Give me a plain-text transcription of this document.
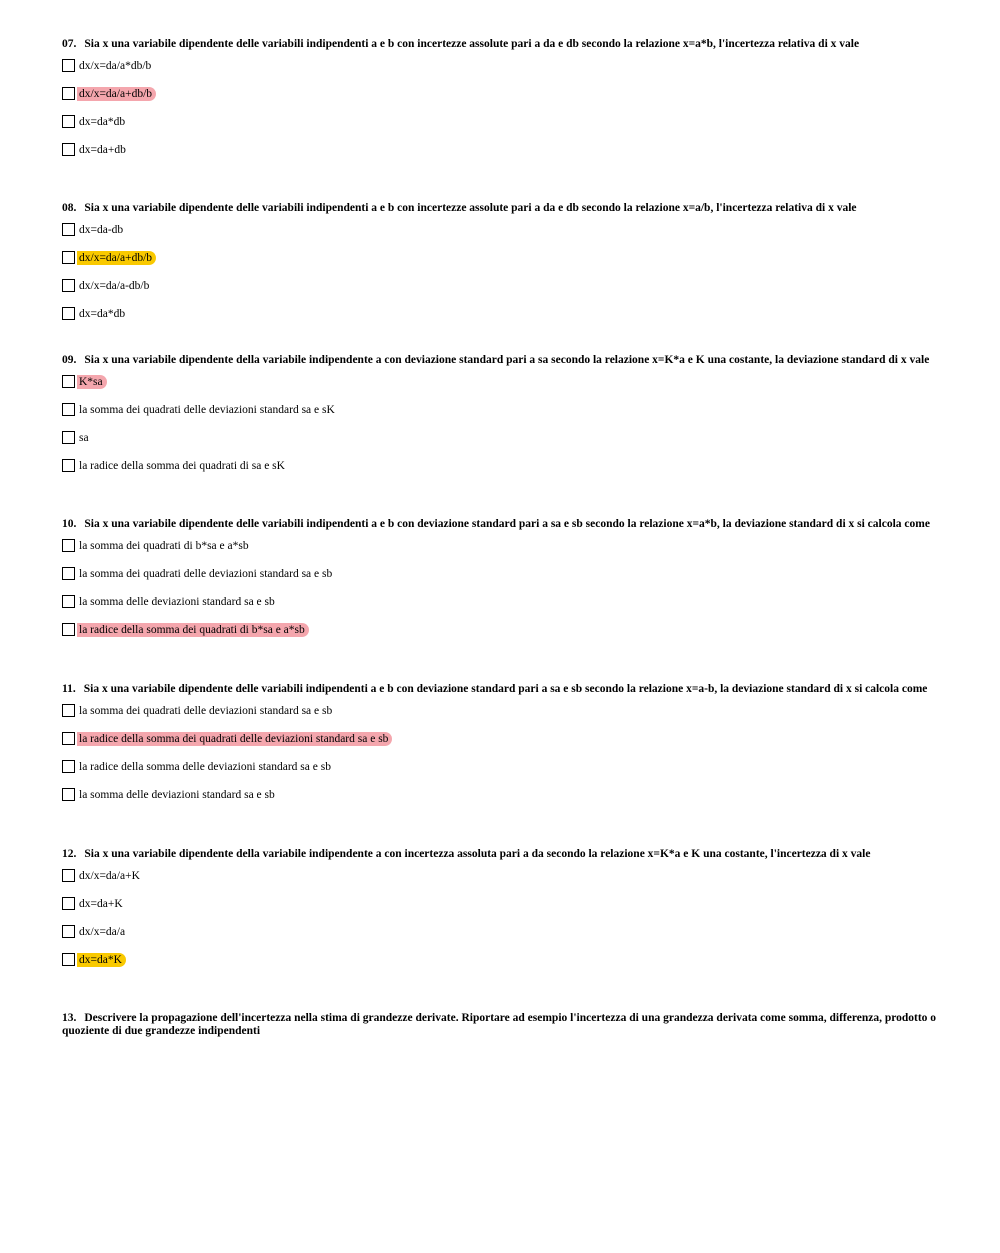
07. Sia x una variabile dipendente delle variabili indipendenti a e b con incertezze assolute pari a da e db secondo la relazione x=a*b, l'incertezza relativa di x vale
dx/x=da/a*db/b
dx/x=da/a+db/b
dx=da*db
dx=da+db
08. Sia x una variabile dipendente delle variabili indipendenti a e b con incertezze assolute pari a da e db secondo la relazione x=a/b, l'incertezza relativa di x vale
dx=da-db
dx/x=da/a+db/b
dx/x=da/a-db/b
dx=da*db
09. Sia x una variabile dipendente della variabile indipendente a con deviazione standard pari a sa secondo la relazione x=K*a e K una costante, la deviazione standard di x vale
K*sa
la somma dei quadrati delle deviazioni standard sa e sK
sa
la radice della somma dei quadrati di sa e sK
10. Sia x una variabile dipendente delle variabili indipendenti a e b con deviazione standard pari a sa e sb secondo la relazione x=a*b, la deviazione standard di x si calcola come
la somma dei quadrati di b*sa e a*sb
la somma dei quadrati delle deviazioni standard sa e sb
la somma delle deviazioni standard sa e sb
la radice della somma dei quadrati di b*sa e a*sb
11. Sia x una variabile dipendente delle variabili indipendenti a e b con deviazione standard pari a sa e sb secondo la relazione x=a-b, la deviazione standard di x si calcola come
la somma dei quadrati delle deviazioni standard sa e sb
la radice della somma dei quadrati delle deviazioni standard sa e sb
la radice della somma delle deviazioni standard sa e sb
la somma delle deviazioni standard sa e sb
12. Sia x una variabile dipendente della variabile indipendente a con incertezza assoluta pari a da secondo la relazione x=K*a e K una costante, l'incertezza di x vale
dx/x=da/a+K
dx=da+K
dx/x=da/a
dx=da*K
13. Descrivere la propagazione dell'incertezza nella stima di grandezze derivate. Riportare ad esempio l'incertezza di una grandezza derivata come somma, differenza, prodotto o quoziente di due grandezze indipendenti
